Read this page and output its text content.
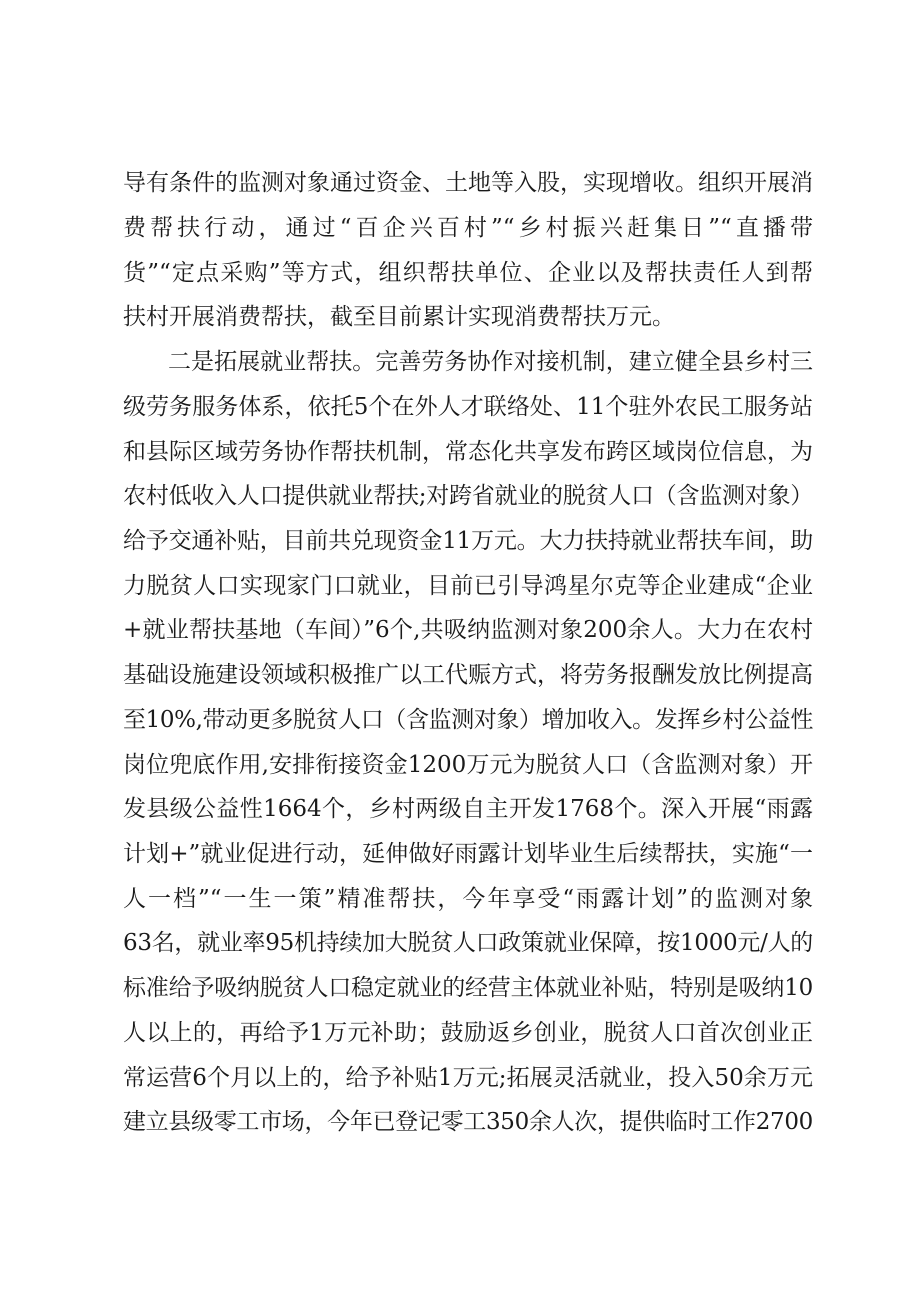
导有条件的监测对象通过资金、土地等入股，实现增收。组织开展消
费帮扶行动，通过“百企兴百村”“乡村振兴赶集日”“直播带
货”“定点采购”等方式，组织帮扶单位、企业以及帮扶责任人到帮
扶村开展消费帮扶，截至目前累计实现消费帮扶万元。
二是拓展就业帮扶。完善劳务协作对接机制，建立健全县乡村三
级劳务服务体系，依托5个在外人才联络处、11个驻外农民工服务站
和县际区域劳务协作帮扶机制，常态化共享发布跨区域岗位信息，为
农村低收入人口提供就业帮扶;对跨省就业的脱贫人口（含监测对象）
给予交通补贴，目前共兑现资金11万元。大力扶持就业帮扶车间，助
力脱贫人口实现家门口就业，目前已引导鸿星尔克等企业建成“企业
+就业帮扶基地（车间）”6个,共吸纳监测对象200余人。大力在农村
基础设施建设领域积极推广以工代赈方式，将劳务报酬发放比例提高
至10%,带动更多脱贫人口（含监测对象）增加收入。发挥乡村公益性
岗位兜底作用,安排衔接资金1200万元为脱贫人口（含监测对象）开
发县级公益性1664个，乡村两级自主开发1768个。深入开展“雨露
计划+”就业促进行动，延伸做好雨露计划毕业生后续帮扶，实施“一
人一档”“一生一策”精准帮扶，今年享受“雨露计划”的监测对象
63名，就业率95机持续加大脱贫人口政策就业保障，按1000元/人的
标准给予吸纳脱贫人口稳定就业的经营主体就业补贴，特别是吸纳10
人以上的，再给予1万元补助；鼓励返乡创业，脱贫人口首次创业正
常运营6个月以上的，给予补贴1万元;拓展灵活就业，投入50余万元
建立县级零工市场，今年已登记零工350余人次，提供临时工作2700
